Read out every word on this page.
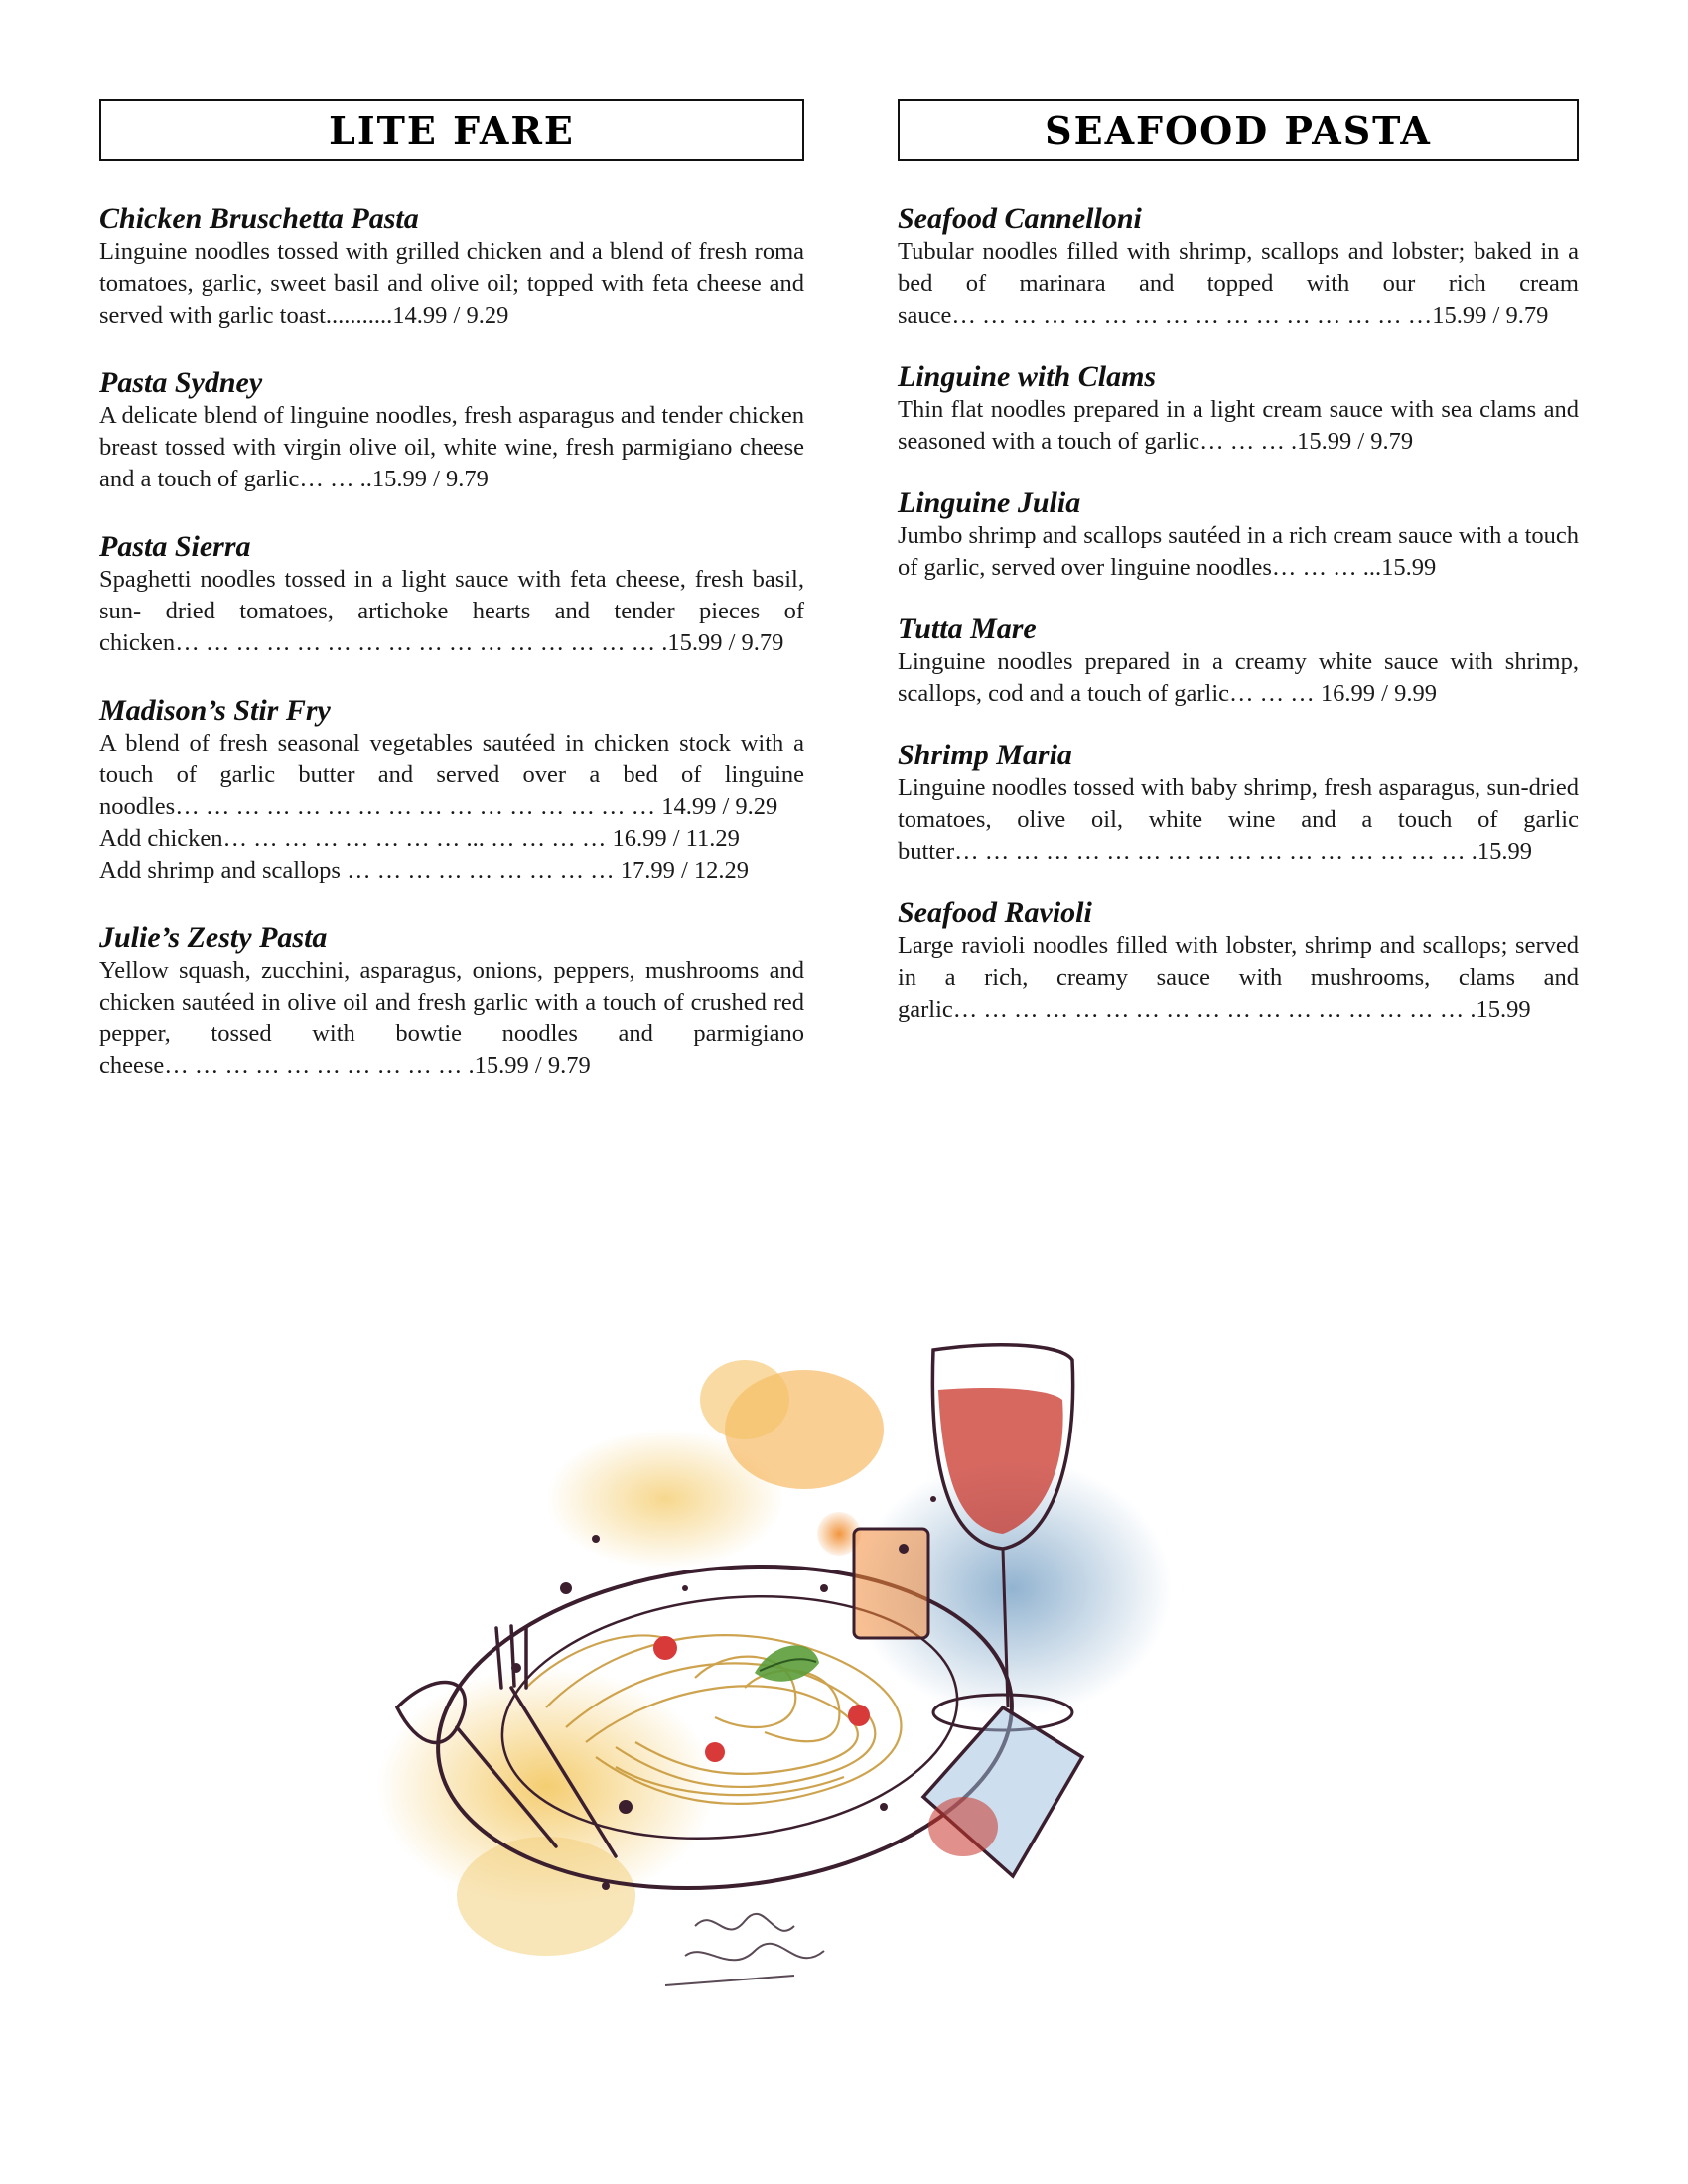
LITE FARE
Chicken Bruschetta Pasta
Linguine noodles tossed with grilled chicken and a blend of fresh roma tomatoes, garlic, sweet basil and olive oil; topped with feta cheese and served with garlic toast...........14.99 / 9.29
Pasta Sydney
A delicate blend of linguine noodles, fresh asparagus and tender chicken breast tossed with virgin olive oil, white wine, fresh parmigiano cheese and a touch of garlic… … ..15.99 / 9.79
Pasta Sierra
Spaghetti noodles tossed in a light sauce with feta cheese, fresh basil, sun- dried tomatoes, artichoke hearts and tender pieces of chicken… … … … … … … … … … … … … … … … .15.99 / 9.79
Madison’s Stir Fry
A blend of fresh seasonal vegetables sautéed in chicken stock with a touch of garlic butter and served over a bed of linguine noodles… … … … … … … … … … … … … … … … 14.99 / 9.29
Add chicken… … … … … … … … ... … … … … 16.99 / 11.29
Add shrimp and scallops … … … … … … … … … 17.99 / 12.29
Julie’s Zesty Pasta
Yellow squash, zucchini, asparagus, onions, peppers, mushrooms and chicken sautéed in olive oil and fresh garlic with a touch of crushed red pepper, tossed with bowtie noodles and parmigiano cheese… … … … … … … … … … .15.99 / 9.79
SEAFOOD PASTA
Seafood Cannelloni
Tubular noodles filled with shrimp, scallops and lobster; baked in a bed of marinara and topped with our rich cream sauce… … … … … … … … … … … … … … … …15.99 / 9.79
Linguine with Clams
Thin flat noodles prepared in a light cream sauce with sea clams and seasoned with a touch of garlic… … … .15.99 / 9.79
Linguine Julia
Jumbo shrimp and scallops sautéed in a rich cream sauce with a touch of garlic, served over linguine noodles… … … ...15.99
Tutta Mare
Linguine noodles prepared in a creamy white sauce with shrimp, scallops, cod and a touch of garlic… … … 16.99 / 9.99
Shrimp Maria
Linguine noodles tossed with baby shrimp, fresh asparagus, sun-dried tomatoes, olive oil, white wine and a touch of garlic butter… … … … … … … … … … … … … … … … … .15.99
Seafood Ravioli
Large ravioli noodles filled with lobster, shrimp and scallops; served in a rich, creamy sauce with mushrooms, clams and garlic… … … … … … … … … … … … … … … … … .15.99
